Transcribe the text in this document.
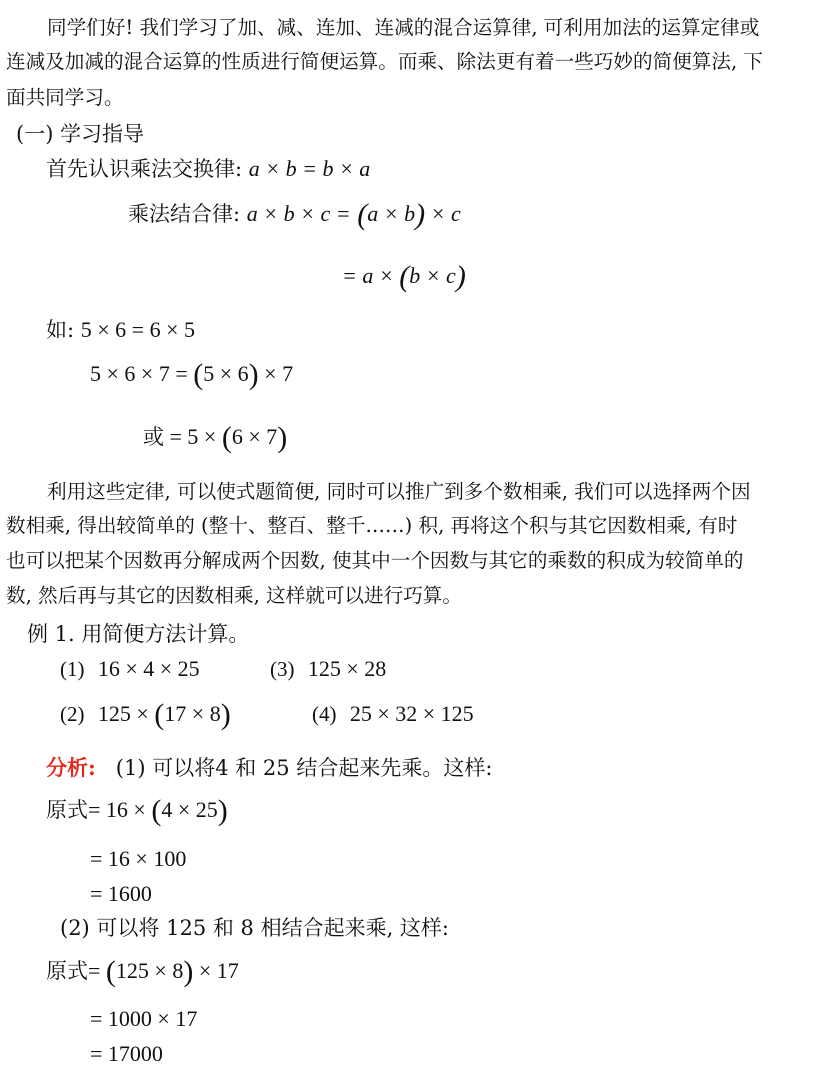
同学们好! 我们学习了加、减、连加、连减的混合运算律, 可利用加法的运算定律或
连减及加减的混合运算的性质进行简便运算。而乘、除法更有着一些巧妙的简便算法, 下
面共同学习。
(一) 学习指导
首先认识乘法交换律: a × b = b × a
乘法结合律: a × b × c = (a × b) × c
= a × (b × c)
如: 5 × 6 = 6 × 5
5 × 6 × 7 = (5 × 6) × 7
或 = 5 × (6 × 7)
利用这些定律, 可以使式题简便, 同时可以推广到多个数相乘, 我们可以选择两个因
数相乘, 得出较简单的 (整十、整百、整千……) 积, 再将这个积与其它因数相乘, 有时
也可以把某个因数再分解成两个因数, 使其中一个因数与其它的乘数的积成为较简单的
数, 然后再与其它的因数相乘, 这样就可以进行巧算。
例 1. 用简便方法计算。
(1) 16 × 4 × 25	(3) 125 × 28
(2) 125 × (17 × 8)	(4) 25 × 32 × 125
分析: (1) 可以将4 和 25 结合起来先乘。这样:
原式= 16 × (4 × 25)
= 16 × 100
= 1600
(2) 可以将 125 和 8 相结合起来乘, 这样:
原式= (125 × 8) × 17
= 1000 × 17
= 17000
